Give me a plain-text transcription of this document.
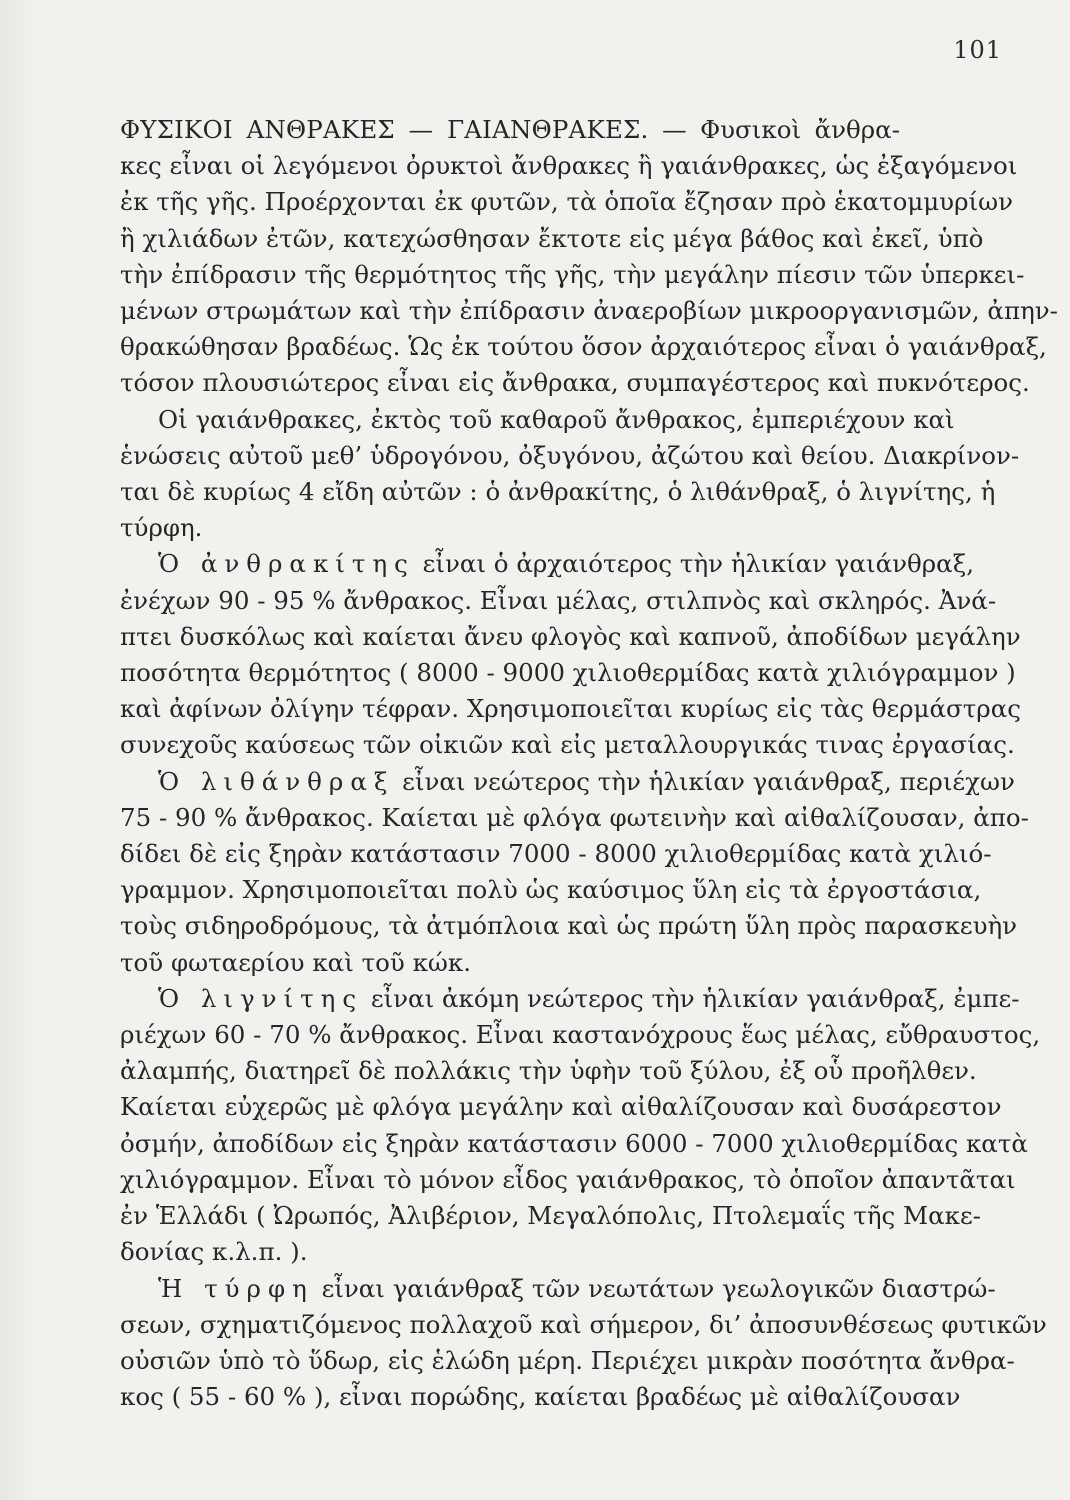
101
ΦΥΣΙΚΟΙ ΑΝΘΡΑΚΕΣ — ΓΑΙΑΝΘΡΑΚΕΣ. — Φυσικοὶ ἄνθρα-
κες εἶναι οἱ λεγόμενοι ὀρυκτοὶ ἄνθρακες ἢ γαιάνθρακες, ὡς ἐξαγόμενοι
ἐκ τῆς γῆς. Προέρχονται ἐκ φυτῶν, τὰ ὁποῖα ἔζησαν πρὸ ἑκατομμυρίων
ἢ χιλιάδων ἐτῶν, κατεχώσθησαν ἔκτοτε εἰς μέγα βάθος καὶ ἐκεῖ, ὑπὸ
τὴν ἐπίδρασιν τῆς θερμότητος τῆς γῆς, τὴν μεγάλην πίεσιν τῶν ὑπερκει-
μένων στρωμάτων καὶ τὴν ἐπίδρασιν ἀναεροβίων μικροοργανισμῶν, ἀπην-
θρακώθησαν βραδέως. Ὡς ἐκ τούτου ὅσον ἀρχαιότερος εἶναι ὁ γαιάνθραξ,
τόσον πλουσιώτερος εἶναι εἰς ἄνθρακα, συμπαγέστερος καὶ πυκνότερος.
Οἱ γαιάνθρακες, ἐκτὸς τοῦ καθαροῦ ἄνθρακος, ἐμπεριέχουν καὶ
ἑνώσεις αὐτοῦ μεθ’ ὑδρογόνου, ὀξυγόνου, ἀζώτου καὶ θείου. Διακρίνον-
ται δὲ κυρίως 4 εἴδη αὐτῶν : ὁ ἀνθρακίτης, ὁ λιθάνθραξ, ὁ λιγνίτης, ἡ
τύρφη.
Ὁ ἀνθρακίτης εἶναι ὁ ἀρχαιότερος τὴν ἡλικίαν γαιάνθραξ,
ἐνέχων 90 - 95 % ἄνθρακος. Εἶναι μέλας, στιλπνὸς καὶ σκληρός. Ἀνά-
πτει δυσκόλως καὶ καίεται ἄνευ φλογὸς καὶ καπνοῦ, ἀποδίδων μεγάλην
ποσότητα θερμότητος ( 8000 - 9000 χιλιοθερμίδας κατὰ χιλιόγραμμον )
καὶ ἀφίνων ὀλίγην τέφραν. Χρησιμοποιεῖται κυρίως εἰς τὰς θερμάστρας
συνεχοῦς καύσεως τῶν οἰκιῶν καὶ εἰς μεταλλουργικάς τινας ἐργασίας.
Ὁ λιθάνθραξ εἶναι νεώτερος τὴν ἡλικίαν γαιάνθραξ, περιέχων
75 - 90 % ἄνθρακος. Καίεται μὲ φλόγα φωτεινὴν καὶ αἰθαλίζουσαν, ἀπο-
δίδει δὲ εἰς ξηρὰν κατάστασιν 7000 - 8000 χιλιοθερμίδας κατὰ χιλιό-
γραμμον. Χρησιμοποιεῖται πολὺ ὡς καύσιμος ὕλη εἰς τὰ ἐργοστάσια,
τοὺς σιδηροδρόμους, τὰ ἀτμόπλοια καὶ ὡς πρώτη ὕλη πρὸς παρασκευὴν
τοῦ φωταερίου καὶ τοῦ κώκ.
Ὁ λιγνίτης εἶναι ἀκόμη νεώτερος τὴν ἡλικίαν γαιάνθραξ, ἐμπε-
ριέχων 60 - 70 % ἄνθρακος. Εἶναι καστανόχρους ἕως μέλας, εὔθραυστος,
ἀλαμπής, διατηρεῖ δὲ πολλάκις τὴν ὑφὴν τοῦ ξύλου, ἐξ οὗ προῆλθεν.
Καίεται εὐχερῶς μὲ φλόγα μεγάλην καὶ αἰθαλίζουσαν καὶ δυσάρεστον
ὀσμήν, ἀποδίδων εἰς ξηρὰν κατάστασιν 6000 - 7000 χιλιοθερμίδας κατὰ
χιλιόγραμμον. Εἶναι τὸ μόνον εἶδος γαιάνθρακος, τὸ ὁποῖον ἀπαντᾶται
ἐν Ἑλλάδι ( Ὠρωπός, Ἀλιβέριον, Μεγαλόπολις, Πτολεμαΐς τῆς Μακε-
δονίας κ.λ.π. ).
Ἡ τύρφη εἶναι γαιάνθραξ τῶν νεωτάτων γεωλογικῶν διαστρώ-
σεων, σχηματιζόμενος πολλαχοῦ καὶ σήμερον, δι’ ἀποσυνθέσεως φυτικῶν
οὐσιῶν ὑπὸ τὸ ὕδωρ, εἰς ἑλώδη μέρη. Περιέχει μικρὰν ποσότητα ἄνθρα-
κος ( 55 - 60 % ), εἶναι πορώδης, καίεται βραδέως μὲ αἰθαλίζουσαν
